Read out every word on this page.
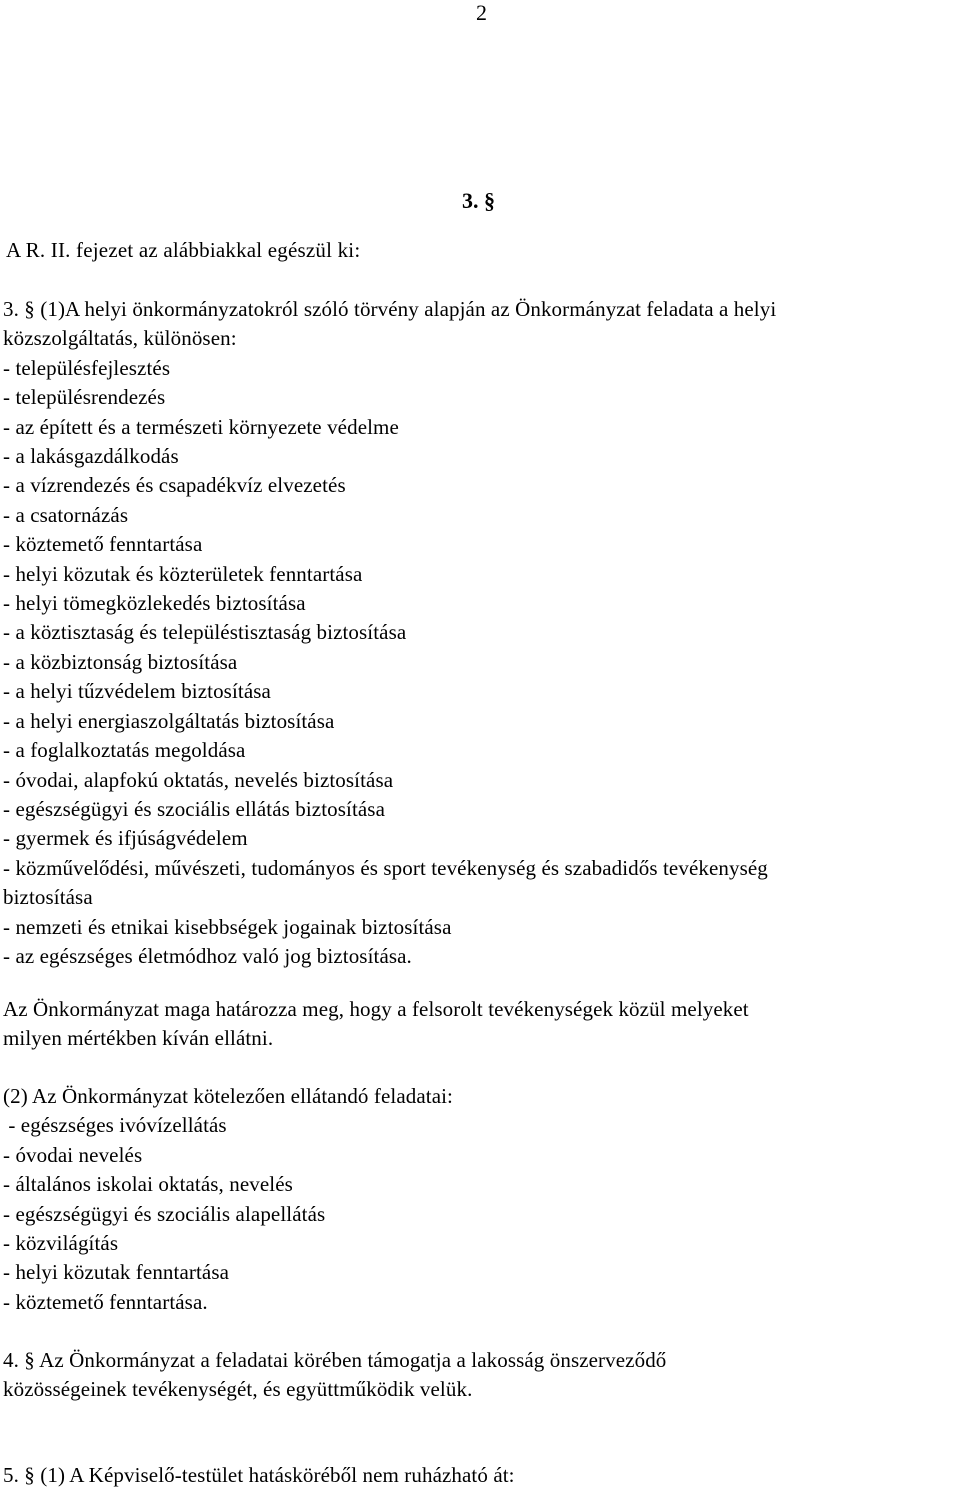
2
3. §
A R. II. fejezet az alábbiakkal egészül ki:
3. § (1)A helyi önkormányzatokról szóló törvény alapján az Önkormányzat feladata a helyi
közszolgáltatás, különösen:
- településfejlesztés
- településrendezés
- az épített és a természeti környezete védelme
- a lakásgazdálkodás
- a vízrendezés és csapadékvíz elvezetés
- a csatornázás
- köztemető fenntartása
- helyi közutak és közterületek fenntartása
- helyi tömegközlekedés biztosítása
- a köztisztaság és településtisztaság biztosítása
- a közbiztonság biztosítása
- a helyi tűzvédelem biztosítása
- a helyi energiaszolgáltatás biztosítása
- a foglalkoztatás megoldása
- óvodai, alapfokú oktatás, nevelés biztosítása
- egészségügyi és szociális ellátás biztosítása
- gyermek és ifjúságvédelem
- közművelődési, művészeti, tudományos és sport tevékenység és szabadidős tevékenység
biztosítása
- nemzeti és etnikai kisebbségek jogainak biztosítása
- az egészséges életmódhoz való jog biztosítása.
Az Önkormányzat maga határozza meg, hogy a felsorolt tevékenységek közül melyeket
milyen mértékben kíván ellátni.
(2) Az Önkormányzat kötelezően ellátandó feladatai:
- egészséges ivóvízellátás
- óvodai nevelés
- általános iskolai oktatás, nevelés
- egészségügyi és szociális alapellátás
- közvilágítás
- helyi közutak fenntartása
- köztemető fenntartása.
4. § Az Önkormányzat a feladatai körében támogatja a lakosság önszerveződő
közösségeinek tevékenységét, és együttműködik velük.
5. § (1) A Képviselő-testület hatásköréből nem ruházható át:
